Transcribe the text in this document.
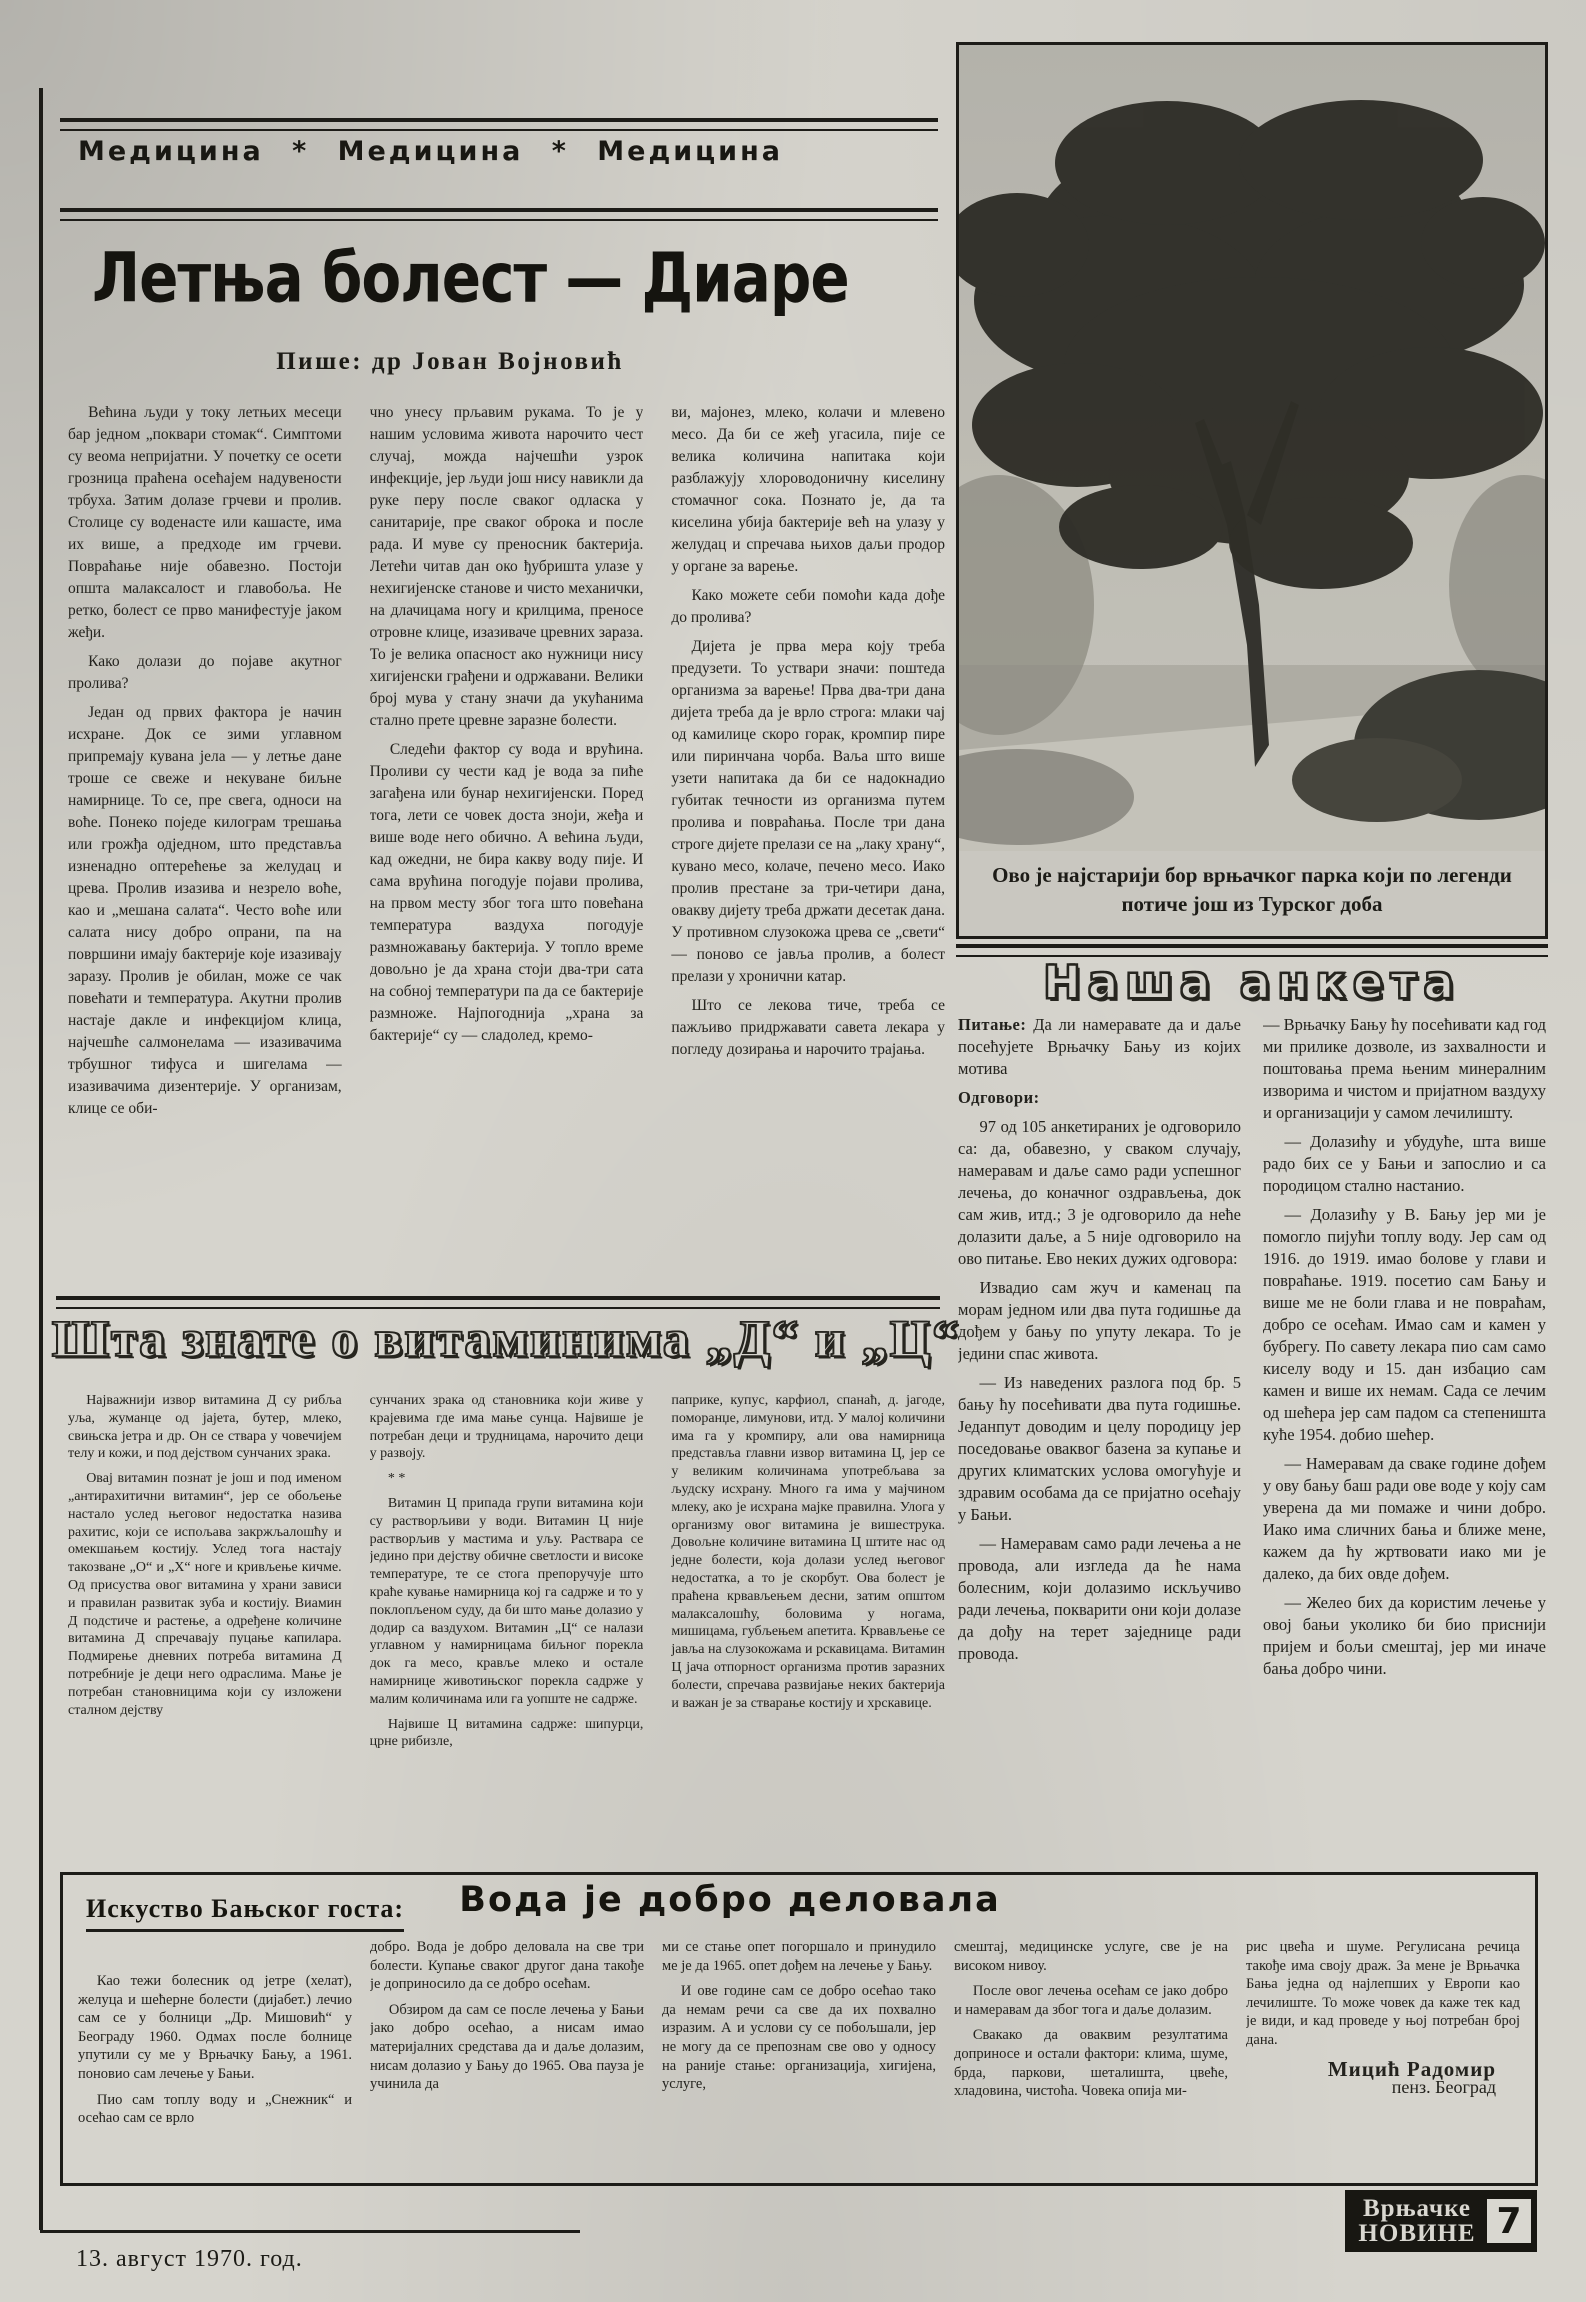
Медицина * Медицина * Медицина
Летња болест — Диаре
Пише: др Јован Војновић

Већина људи у току летњих месеци бар једном „поквари стомак“. Симптоми су веома непријатни. У почетку се осети грозница праћена осећајем надувености трбуха. Затим долазе грчеви и пролив. Столице су воденасте или кашасте, има их више, а предходе им грчеви. Повраћање није обавезно. Постоји општа малаксалост и главобоља. Не ретко, болест се прво манифестује јаком жеђи.

Како долази до појаве акутног пролива?

Један од првих фактора је начин исхране. Док се зими углавном припремају кувана јела — у летње дане троше се свеже и некуване биљне намирнице. То се, пре свега, односи на воће. Понеко поједе килограм трешања или грожђа одједном, што представља изненадно оптерећење за желудац и црева. Пролив изазива и незрело воће, као и „мешана салата“. Често воће или салата нису добро опрани, па на површини имају бактерије које изазивају заразу. Пролив је обилан, може се чак повећати и температура. Акутни пролив настаје дакле и инфекцијом клица, најчешће салмонелама — изазивачима трбушног тифуса и шигелама — изазивачима дизентерије. У организам, клице се оби-

чно унесу прљавим рукама. То је у нашим условима живота нарочито чест случај, можда најчешћи узрок инфекције, јер људи још нису навикли да руке перу после сваког одласка у санитарије, пре сваког оброка и после рада. И муве су преносник бактерија. Летећи читав дан око ђубришта улазе у нехигијенске станове и чисто механички, на длачицама ногу и крилцима, преносе отровне клице, изазиваче цревних зараза. То је велика опасност ако нужници нису хигијенски грађени и одржавани. Велики број мува у стану значи да укућанима стално прете цревне заразне болести.

Следећи фактор су вода и врућина. Проливи су чести кад је вода за пиће загађена или бунар нехигијенски. Поред тога, лети се човек доста зноји, жеђа и више воде него обично. А већина људи, кад ожедни, не бира какву воду пије. И сама врућина погодује појави пролива, на првом месту због тога што повећана температура ваздуха погодује размножавању бактерија. У топло време довољно је да храна стоји два-три сата на собној температури па да се бактерије размноже. Најпогоднија „храна за бактерије“ су — сладолед, кремо-

ви, мајонез, млеко, колачи и млевено месо. Да би се жеђ угасила, пије се велика количина напитака који разблажују хлороводоничну киселину стомачног сока. Познато је, да та киселина убија бактерије већ на улазу у желудац и спречава њихов даљи продор у органе за варење.

Како можете себи помоћи када дође до пролива?

Дијета је прва мера коју треба предузети. То уствари значи: поштеда организма за варење! Прва два-три дана дијета треба да је врло строга: млаки чај од камилице скоро горак, кромпир пире или пиринчана чорба. Ваља што више узети напитака да би се надокнадио губитак течности из организма путем пролива и повраћања. После три дана строге дијете прелази се на „лаку храну“, кувано месо, колаче, печено месо. Иако пролив престане за три-четири дана, овакву дијету треба држати десетак дана. У противном слузокожа црева се „свети“ — поново се јавља пролив, а болест прелази у хронични катар.

Што се лекова тиче, треба се пажљиво придржавати савета лекара у погледу дозирања и нарочито трајања.

Ово је најстарији бор врњачког парка који по легенди потиче још из Турског доба
Наша анкета

Питање: Да ли намеравате да и даље посећујете Врњачку Бању из којих мотива

Одговори:

97 од 105 анкетираних је одговорило са: да, обавезно, у сваком случају, намеравам и даље само ради успешног лечења, до коначног оздрављења, док сам жив, итд.; 3 је одговорило да неће долазити даље, а 5 није одговорило на ово питање. Ево неких дужих одговора:

Извадио сам жуч и каменац па морам једном или два пута годишње да дођем у бању по упуту лекара. То је једини спас живота.

— Из наведених разлога под бр. 5 бању ћу посећивати два пута годишње. Једанпут доводим и целу породицу јер поседовање оваквог базена за купање и других климатских услова омогућује и здравим особама да се пријатно осећају у Бањи.

— Намеравам само ради лечења а не провода, али изгледа да ће нама болесним, који долазимо искључиво ради лечења, покварити они који долазе да дођу на терет заједнице ради провода.

— Врњачку Бању ћу посећивати кад год ми прилике дозволе, из захвалности и поштовања према њеним минералним изворима и чистом и пријатном ваздуху и организацији у самом лечилишту.

— Долазићу и убудуће, шта више радо бих се у Бањи и запослио и са породицом стално настанио.

— Долазићу у В. Бању јер ми је помогло пијући топлу воду. Јер сам од 1916. до 1919. имао болове у глави и повраћање. 1919. посетио сам Бању и више ме не боли глава и не повраћам, добро се осећам. Имао сам и камен у бубрегу. По савету лекара пио сам само киселу воду и 15. дан избацио сам камен и више их немам. Сада се лечим од шећера јер сам падом са степеништа куће 1954. добио шећер.

— Намеравам да сваке године дођем у ову бању баш ради ове воде у коју сам уверена да ми помаже и чини добро. Иако има сличних бања и ближе мене, кажем да ћу жртвовати иако ми је далеко, да бих овде дођем.

— Желео бих да користим лечење у овој бањи уколико би био приснији пријем и бољи смештај, јер ми иначе бања добро чини.

Шта знате о витаминима „Д“ и „Ц“

Највaжнији извор витамина Д су рибља уља, жуманце од јајета, бутер, млеко, свињска јетра и др. Он се ствара у човечијем телу и кожи, и под дејством сунчаних зрака.

Овај витамин познат је још и под именом „антирахитични витамин“, јер се обољење настало услед његовог недостатка назива рахитис, који се испољава закржљалошћу и омекшањем костију. Услед тога настају такозване „О“ и „Х“ ноге и кривљење кичме. Од присуства овог витамина у храни зависи и правилан развитак зуба и костију. Виамин Д подстиче и растење, а одређене количине витамина Д спречавају пуцање капилара. Подмирење дневних потреба витамина Д потребније је деци него одраслима. Мање је потребан становницима који су изложени сталном дејству

сунчаних зрака од становника који живе у крајевима где има мање сунца. Највише је потребан деци и трудницама, нарочито деци у развоју.

* *

Витамин Ц припада групи витамина који су растворљиви у води. Витамин Ц није растворљив у мастима и уљу. Раствара се једино при дејству обичне светлости и високе температуре, те се стога препоручује што краће кување намирница кој га садрже и то у поклопљеном суду, да би што мање долазио у додир са ваздухом. Витамин „Ц“ се налази углавном у намирницама биљног порекла док га месо, крављe млеко и остале намирнице животињског порекла садрже у малим количинама или га уопште не садрже.

Највише Ц витамина садрже: шипурци, црне рибизле,

паприке, купус, карфиол, спанаћ, д. јагоде, поморанџе, лимунови, итд. У малој количини има га у кромпиру, али ова намирница представља главни извор витамина Ц, јер се у великим количинама употребљава за људску исхрану. Много га има у мајчином млеку, ако је исхрана мајке правилна. Улога у организму овог витамина је вишеструка. Довољне количине витамина Ц штите нас од једне болести, која долази услед његовог недостатка, а то је скорбут. Ова болест је праћена крвављењем десни, затим општом малаксалошћу, боловима у ногама, мишицама, губљењем апетита. Крвављење се јавља на слузокожама и рскавицама. Витамин Ц јача отпорност организма против заразних болести, спречава развијање неких бактерија и важан је за стварање костију и хрскавице.

Вода је добро деловала
Искуство Бањског госта:

Као тежи болесник од јетре (хелат), желуца и шећерне болести (дијабет.) лечио сам се у болници „Др. Мишовић“ у Београду 1960. Одмах после болнице упутили су ме у Врњачку Бању, а 1961. поновио сам лечење у Бањи.

Пио сам топлу воду и „Снежник“ и осећао сам се врло

добро. Вода је добро деловала на све три болести. Купање сваког другог дана такође је доприносило да се добро осећам.

Обзиром да сам се после лечења у Бањи јако добро осећао, а нисам имао материјалних средстава да и даље долазим, нисам долазио у Бању до 1965. Ова пауза је учинила да

ми се стање опет погоршало и принудило ме је да 1965. опет дођем на лечење у Бању.

И ове године сам се добро осећао тако да немам речи са све да их похвално изразим. А и услови су се побољшали, јер не могу да се препознам све ово у односу на раније стање: организација, хигијена, услуге,

смештај, медицинске услуге, све је на високом нивоу.

После овог лечења осећам се јако добро и намеравам да због тога и даље долазим.

Свакако да оваквим резултатима доприносе и остали фактори: клима, шуме, брда, паркови, шеталишта, цвеће, хладовина, чистоћа. Човека опија ми-

рис цвећа и шуме. Регулисана речица такође има своју драж. За мене је Врњачка Бања једна од најлепших у Европи као лечилиште. То може човек да каже тек кад је види, и кад проведе у њој потребан број дана.

Мицић Радомир
пенз. Београд
13. август 1970. год.
Врњачке
НОВИНЕ 7
